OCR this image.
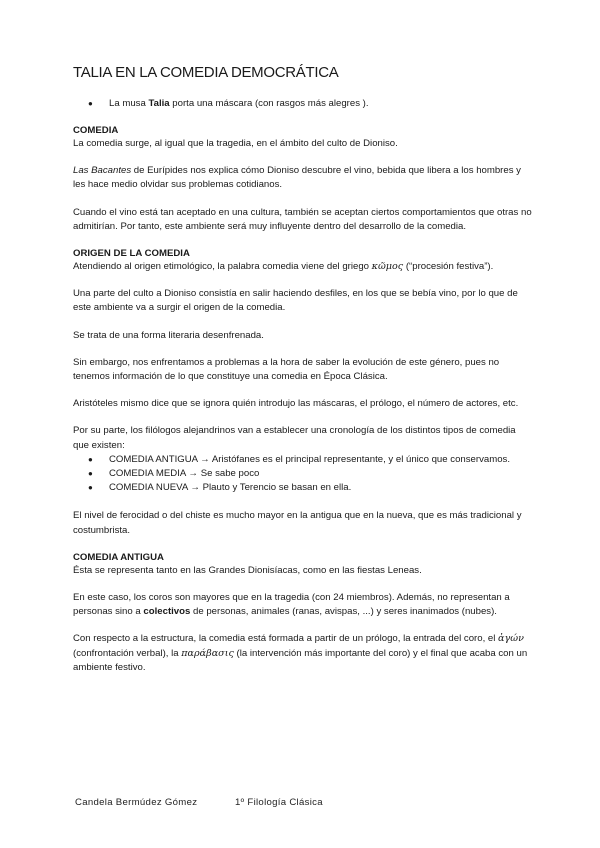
TALIA EN LA COMEDIA DEMOCRÁTICA
● La musa Talia porta una máscara (con rasgos más alegres ).
COMEDIA

La comedia surge, al igual que la tragedia, en el ámbito del culto de Dioniso.

Las Bacantes de Eurípides nos explica cómo Dioniso descubre el vino, bebida que libera a los hombres y les hace medio olvidar sus problemas cotidianos.

Cuando el vino está tan aceptado en una cultura, también se aceptan ciertos comportamientos que otras no admitirían. Por tanto, este ambiente será muy influyente dentro del desarrollo de la comedia.

ORIGEN DE LA COMEDIA

Atendiendo al origen etimológico, la palabra comedia viene del griego κῶμος (“procesión festiva”).

Una parte del culto a Dioniso consistía en salir haciendo desfiles, en los que se bebía vino, por lo que de este ambiente va a surgir el origen de la comedia.

Se trata de una forma literaria desenfrenada.

Sin embargo, nos enfrentamos a problemas a la hora de saber la evolución de este género, pues no tenemos información de lo que constituye una comedia en Época Clásica.

Aristóteles mismo dice que se ignora quién introdujo las máscaras, el prólogo, el número de actores, etc.

Por su parte, los filólogos alejandrinos van a establecer una cronología de los distintos tipos de comedia que existen:

● COMEDIA ANTIGUA → Aristófanes es el principal representante, y el único que conservamos.
● COMEDIA MEDIA → Se sabe poco
● COMEDIA NUEVA → Plauto y Terencio se basan en ella.

El nivel de ferocidad o del chiste es mucho mayor en la antigua que en la nueva, que es más tradicional y costumbrista.

COMEDIA ANTIGUA

Ésta se representa tanto en las Grandes Dionisíacas, como en las fiestas Leneas.

En este caso, los coros son mayores que en la tragedia (con 24 miembros). Además, no representan a personas sino a colectivos de personas, animales (ranas, avispas, ...) y seres inanimados (nubes).

Con respecto a la estructura, la comedia está formada a partir de un prólogo, la entrada del coro, el ἀγών (confrontación verbal), la παράβασις (la intervención más importante del coro) y el final que acaba con un ambiente festivo.

Candela Bermúdez Gómez	1º Filología Clásica
